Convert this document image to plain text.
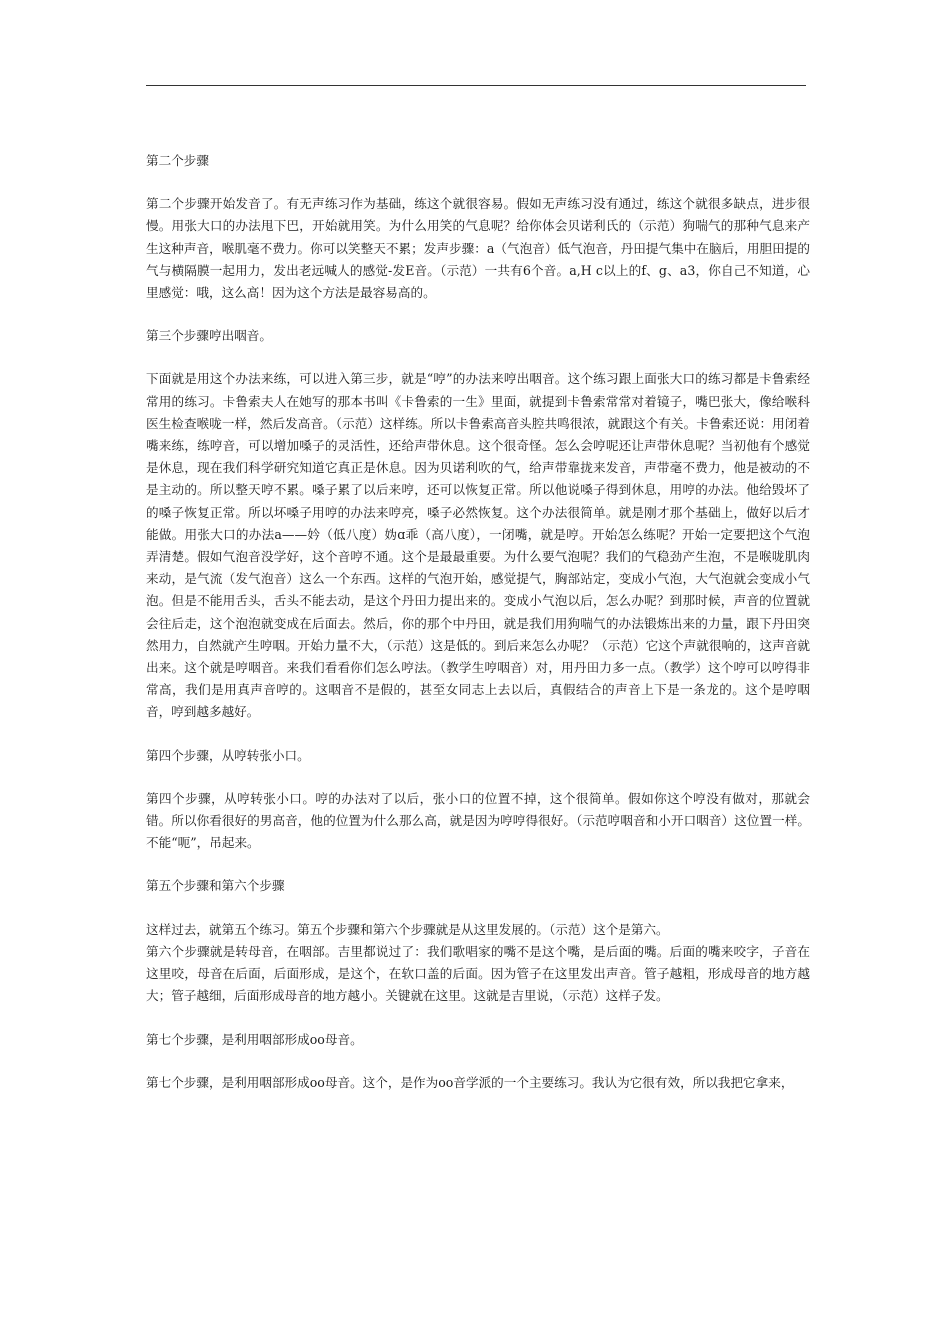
第二个步骤

第二个步骤开始发音了。有无声练习作为基础，练这个就很容易。假如无声练习没有通过，练这个就很多缺点，进步很慢。用张大口的办法甩下巴，开始就用笑。为什么用笑的气息呢？给你体会贝诺利氏的（示范）狗喘气的那种气息来产生这种声音，喉肌毫不费力。你可以笑整天不累；发声步骤：a（气泡音）低气泡音，丹田提气集中在脑后，用胆田提的气与横隔膜一起用力，发出老远喊人的感觉-发E音。（示范）一共有6个音。a,H c以上的f、g、a3，你自己不知道，心里感觉：哦，这么高！因为这个方法是最容易高的。

第三个步骤哼出咽音。

下面就是用这个办法来练，可以进入第三步，就是“哼”的办法来哼出咽音。这个练习跟上面张大口的练习都是卡鲁索经常用的练习。卡鲁索夫人在她写的那本书叫《卡鲁索的一生》里面，就提到卡鲁索常常对着镜子，嘴巴张大，像给喉科医生检查喉咙一样，然后发高音。（示范）这样练。所以卡鲁索高音头腔共鸣很浓，就跟这个有关。卡鲁索还说：用闭着嘴来练，练哼音，可以增加嗓子的灵活性，还给声带休息。这个很奇怪。怎么会哼呢还让声带休息呢？当初他有个感觉是休息，现在我们科学研究知道它真正是休息。因为贝诺利吹的气，给声带靠拢来发音，声带毫不费力，他是被动的不是主动的。所以整天哼不累。嗓子累了以后来哼，还可以恢复正常。所以他说嗓子得到休息，用哼的办法。他给毁坏了的嗓子恢复正常。所以坏嗓子用哼的办法来哼亮，嗓子必然恢复。这个办法很简单。就是刚才那个基础上，做好以后才能做。用张大口的办法a——妗（低八度）妫ɑ乖（高八度），一闭嘴，就是哼。开始怎么练呢？开始一定要把这个气泡弄清楚。假如气泡音没学好，这个音哼不通。这个是最最重要。为什么要气泡呢？我们的气稳劲产生泡，不是喉咙肌肉来动，是气流（发气泡音）这么一个东西。这样的气泡开始，感觉提气，胸部站定，变成小气泡，大气泡就会变成小气泡。但是不能用舌头，舌头不能去动，是这个丹田力提出来的。变成小气泡以后，怎么办呢？到那时候，声音的位置就会往后走，这个泡泡就变成在后面去。然后，你的那个中丹田，就是我们用狗喘气的办法锻炼出来的力量，跟下丹田突然用力，自然就产生哼咽。开始力量不大，（示范）这是低的。到后来怎么办呢？（示范）它这个声就很响的，这声音就出来。这个就是哼咽音。来我们看看你们怎么哼法。（教学生哼咽音）对，用丹田力多一点。（教学）这个哼可以哼得非常高，我们是用真声音哼的。这咽音不是假的，甚至女同志上去以后，真假结合的声音上下是一条龙的。这个是哼咽音，哼到越多越好。

第四个步骤，从哼转张小口。

第四个步骤，从哼转张小口。哼的办法对了以后，张小口的位置不掉，这个很简单。假如你这个哼没有做对，那就会错。所以你看很好的男高音，他的位置为什么那么高，就是因为哼哼得很好。（示范哼咽音和小开口咽音）这位置一样。不能“呃”，吊起来。

第五个步骤和第六个步骤

这样过去，就第五个练习。第五个步骤和第六个步骤就是从这里发展的。（示范）这个是第六。

第六个步骤就是转母音，在咽部。吉里都说过了：我们歌唱家的嘴不是这个嘴，是后面的嘴。后面的嘴来咬字，子音在这里咬，母音在后面，后面形成，是这个，在软口盖的后面。因为管子在这里发出声音。管子越粗，形成母音的地方越大；管子越细，后面形成母音的地方越小。关键就在这里。这就是吉里说，（示范）这样子发。

第七个步骤，是利用咽部形成oo母音。

第七个步骤，是利用咽部形成oo母音。这个，是作为oo音学派的一个主要练习。我认为它很有效，所以我把它拿来，
